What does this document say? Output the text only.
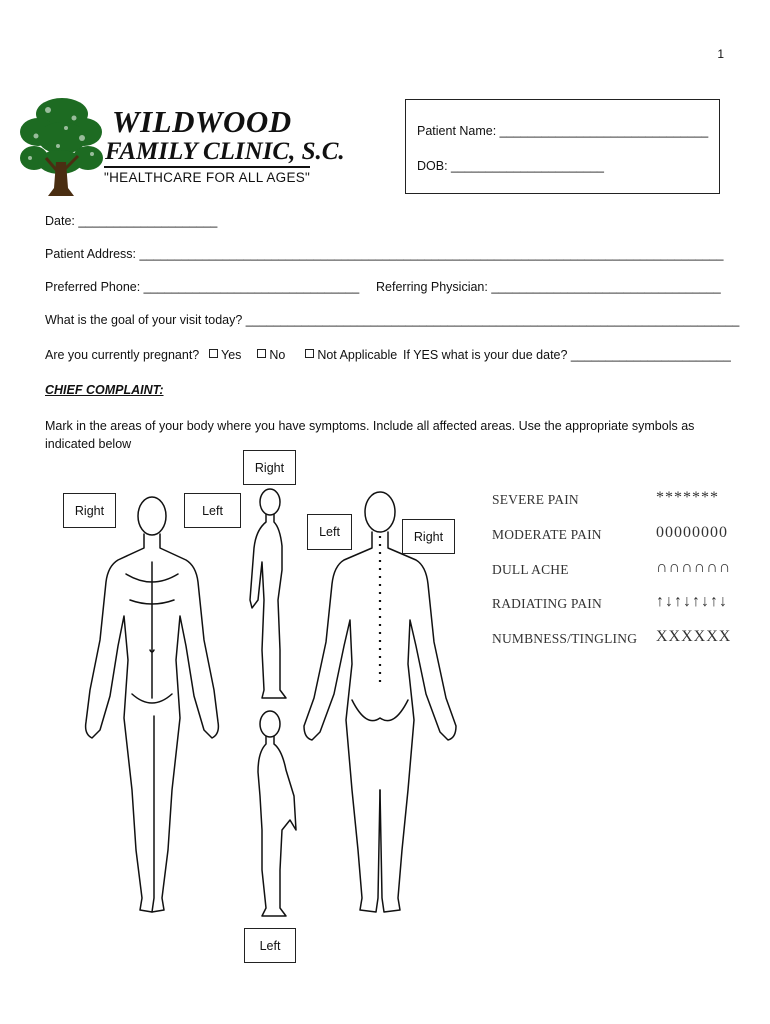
1
WILDWOOD
FAMILY CLINIC, S.C.
"HEALTHCARE FOR ALL AGES"
Patient Name: ______________________________
DOB: ______________________
Date: ____________________
Patient Address: ____________________________________________________________________________________
Preferred Phone: _______________________________ Referring Physician: _________________________________
What is the goal of your visit today? _______________________________________________________________________
Are you currently pregnant? Yes No	Not Applicable If YES what is your due date? _______________________
CHIEF COMPLAINT:
Mark in the areas of your body where you have symptoms. Include all affected areas. Use the appropriate symbols as indicated below
Right	Left
Right
Left	Right
Left
SEVERE PAIN	*******
MODERATE PAIN	00000000
DULL ACHE	∩∩∩∩∩∩
RADIATING PAIN	↑↓↑↓↑↓↑↓
NUMBNESS/TINGLING XXXXXX
